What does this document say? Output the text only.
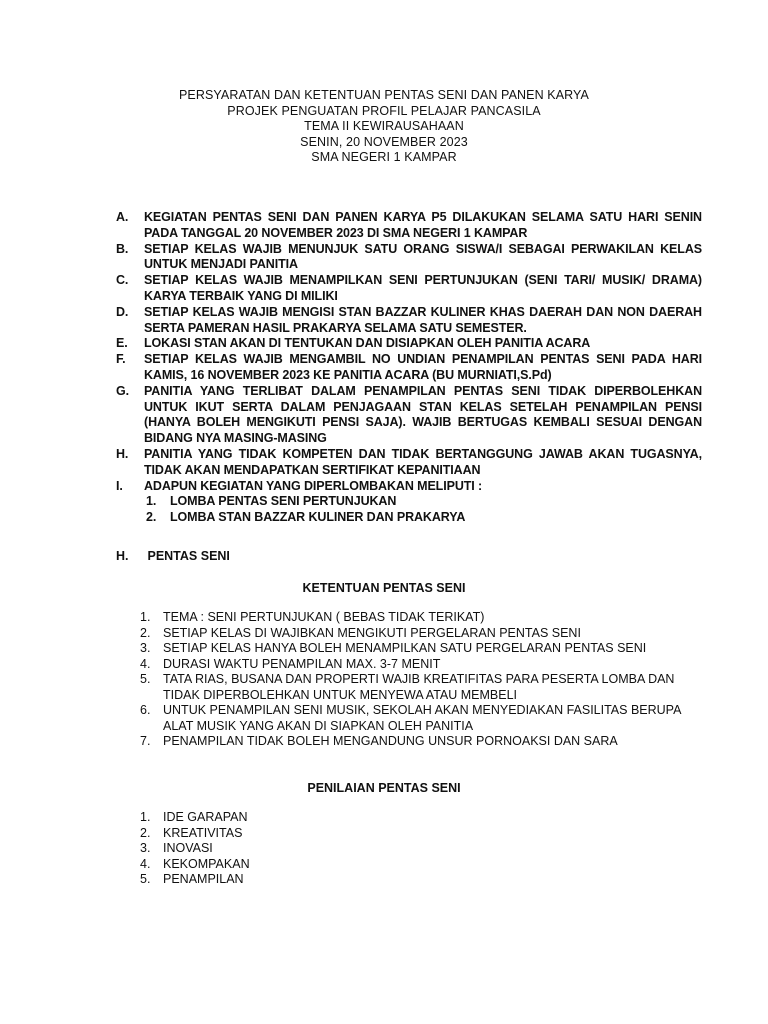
PERSYARATAN DAN KETENTUAN PENTAS SENI DAN PANEN KARYA
PROJEK PENGUATAN PROFIL PELAJAR PANCASILA
TEMA II KEWIRAUSAHAAN
SENIN, 20 NOVEMBER 2023
SMA NEGERI 1 KAMPAR
A.	KEGIATAN PENTAS SENI DAN PANEN KARYA P5 DILAKUKAN SELAMA SATU HARI SENIN PADA TANGGAL 20 NOVEMBER 2023 DI SMA NEGERI 1 KAMPAR
B.	SETIAP KELAS WAJIB MENUNJUK SATU ORANG SISWA/I SEBAGAI PERWAKILAN KELAS UNTUK MENJADI PANITIA
C.	SETIAP KELAS WAJIB MENAMPILKAN SENI PERTUNJUKAN (SENI TARI/ MUSIK/ DRAMA) KARYA TERBAIK YANG DI MILIKI
D.	SETIAP KELAS WAJIB MENGISI STAN BAZZAR KULINER KHAS DAERAH DAN NON DAERAH SERTA PAMERAN HASIL PRAKARYA SELAMA SATU SEMESTER.
E.	LOKASI STAN AKAN DI TENTUKAN DAN DISIAPKAN OLEH PANITIA ACARA
F.	SETIAP KELAS WAJIB MENGAMBIL NO UNDIAN PENAMPILAN PENTAS SENI PADA HARI KAMIS, 16 NOVEMBER 2023 KE PANITIA ACARA (BU MURNIATI,S.Pd)
G.	PANITIA YANG TERLIBAT DALAM PENAMPILAN PENTAS SENI TIDAK DIPERBOLEHKAN UNTUK IKUT SERTA DALAM PENJAGAAN STAN KELAS SETELAH PENAMPILAN PENSI (HANYA BOLEH MENGIKUTI PENSI SAJA). WAJIB BERTUGAS KEMBALI SESUAI DENGAN BIDANG NYA MASING-MASING
H.	PANITIA YANG TIDAK KOMPETEN DAN TIDAK BERTANGGUNG JAWAB AKAN TUGASNYA, TIDAK AKAN MENDAPATKAN SERTIFIKAT KEPANITIAAN
I.	ADAPUN KEGIATAN YANG DIPERLOMBAKAN MELIPUTI :
1.	LOMBA PENTAS SENI PERTUNJUKAN
2.	LOMBA STAN BAZZAR KULINER DAN PRAKARYA
H. PENTAS SENI
KETENTUAN PENTAS SENI
1.	TEMA : SENI PERTUNJUKAN ( BEBAS TIDAK TERIKAT)
2.	SETIAP KELAS DI WAJIBKAN MENGIKUTI PERGELARAN PENTAS SENI
3.	SETIAP KELAS HANYA BOLEH MENAMPILKAN SATU PERGELARAN PENTAS SENI
4.	DURASI WAKTU PENAMPILAN MAX. 3-7 MENIT
5.	TATA RIAS, BUSANA DAN PROPERTI WAJIB KREATIFITAS PARA PESERTA LOMBA DAN TIDAK DIPERBOLEHKAN UNTUK MENYEWA ATAU MEMBELI
6.	UNTUK PENAMPILAN SENI MUSIK, SEKOLAH AKAN MENYEDIAKAN FASILITAS BERUPA ALAT MUSIK YANG AKAN DI SIAPKAN OLEH PANITIA
7.	PENAMPILAN TIDAK BOLEH MENGANDUNG UNSUR PORNOAKSI DAN SARA
PENILAIAN PENTAS SENI
1.	IDE GARAPAN
2.	KREATIVITAS
3.	INOVASI
4.	KEKOMPAKAN
5.	PENAMPILAN
